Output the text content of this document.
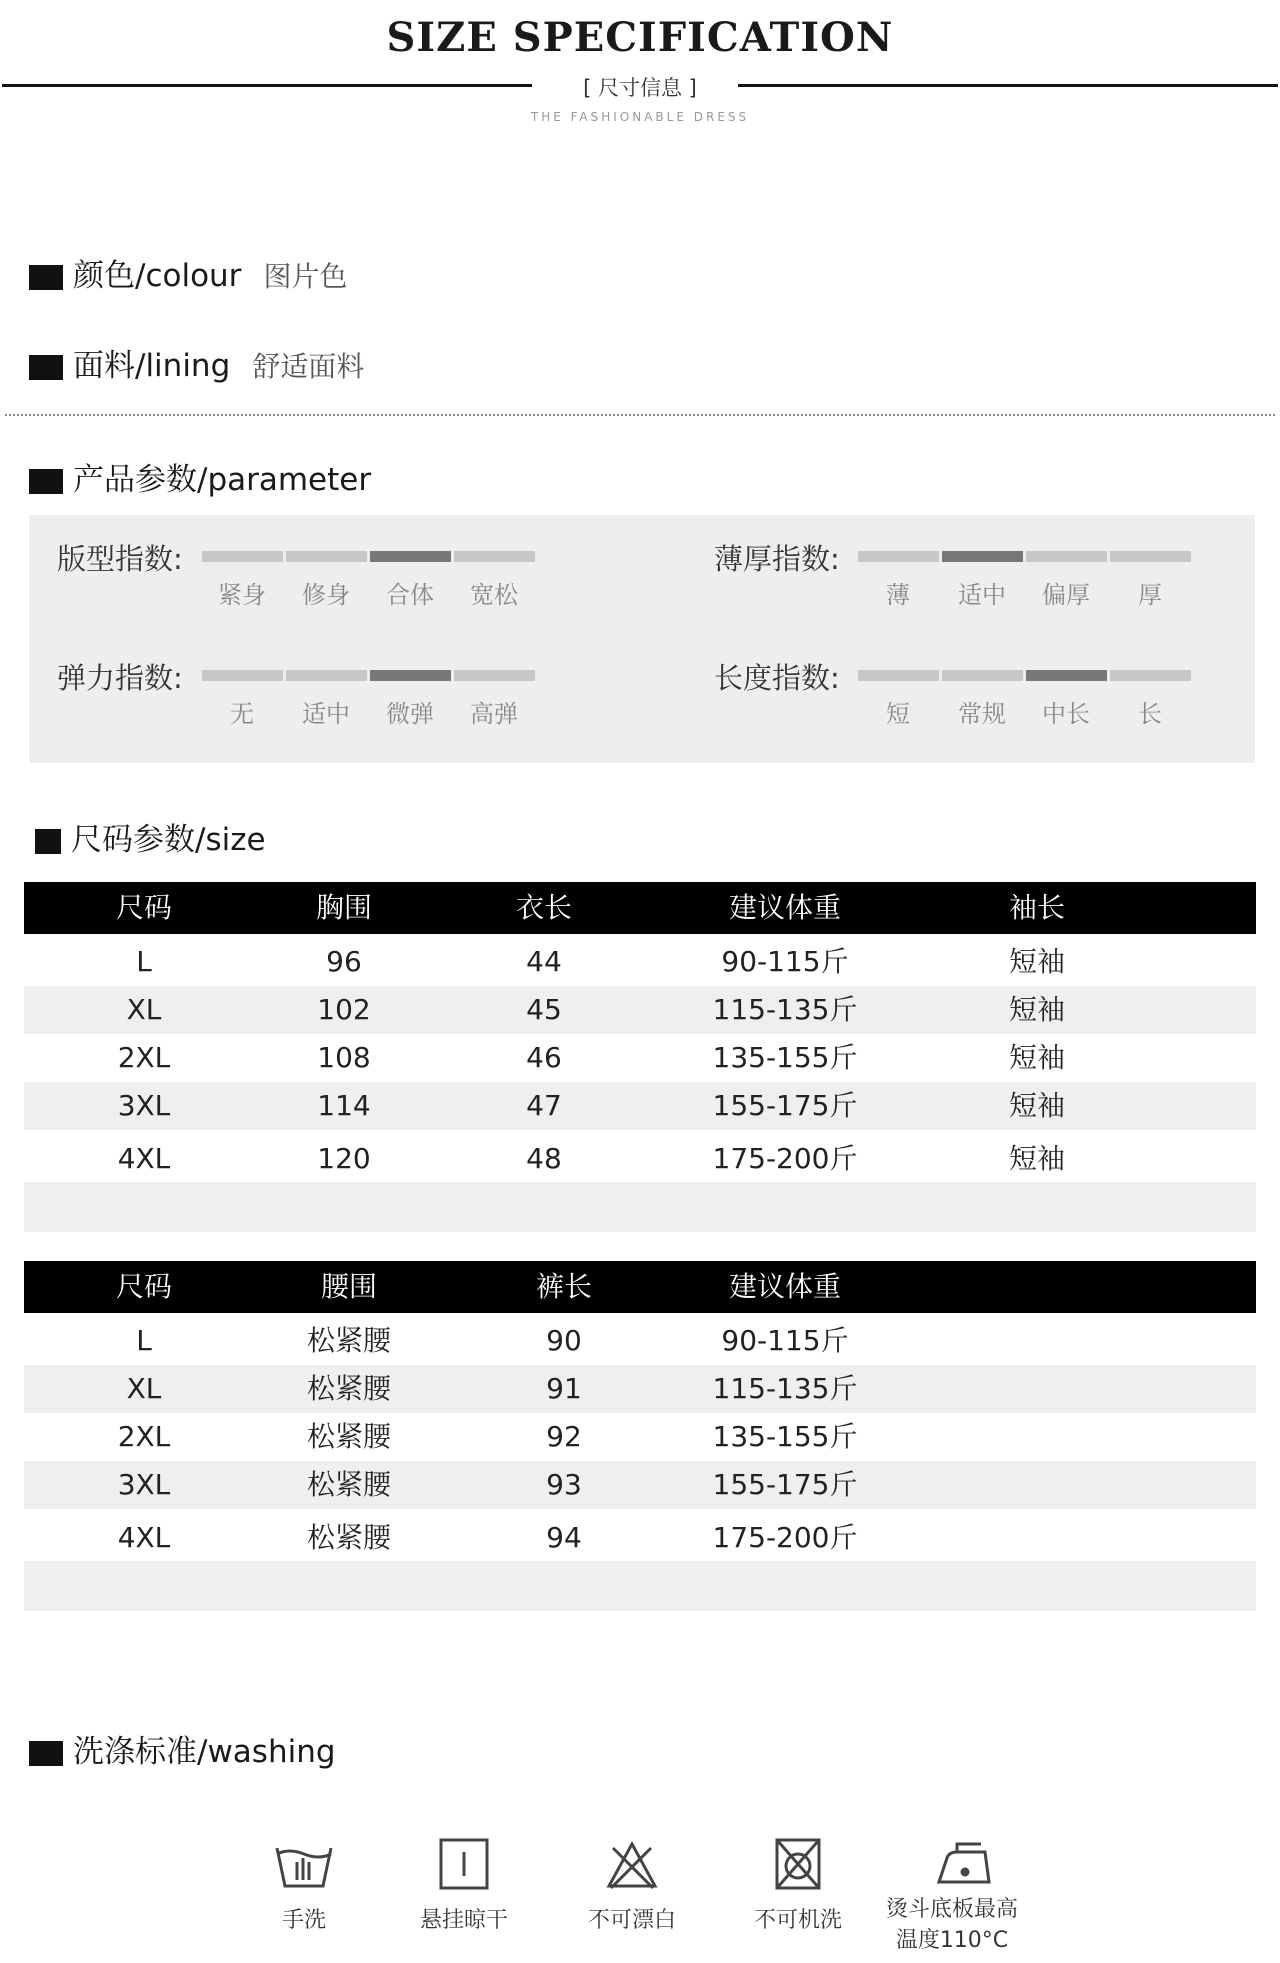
SIZE SPECIFICATION
[ 尺寸信息 ]
THE FASHIONABLE DRESS
颜色/colour 图片色
面料/lining 舒适面料
产品参数/parameter
版型指数:
紧身	修身	合体	宽松
薄厚指数:
薄	适中	偏厚	厚
弹力指数:
无	适中	微弹	高弹
长度指数:
短	常规	中长	长
尺码参数/size
尺码	胸围	衣长	建议体重	袖长
L	96	44	90-115斤	短袖
XL	102	45	115-135斤	短袖
2XL	108	46	135-155斤	短袖
3XL	114	47	155-175斤	短袖
4XL	120	48	175-200斤	短袖
尺码	腰围	裤长	建议体重
L	松紧腰	90	90-115斤
XL	松紧腰	91	115-135斤
2XL	松紧腰	92	135-155斤
3XL	松紧腰	93	155-175斤
4XL	松紧腰	94	175-200斤
洗涤标准/washing
手洗	悬挂晾干	不可漂白	不可机洗	烫斗底板最高
温度110°C
